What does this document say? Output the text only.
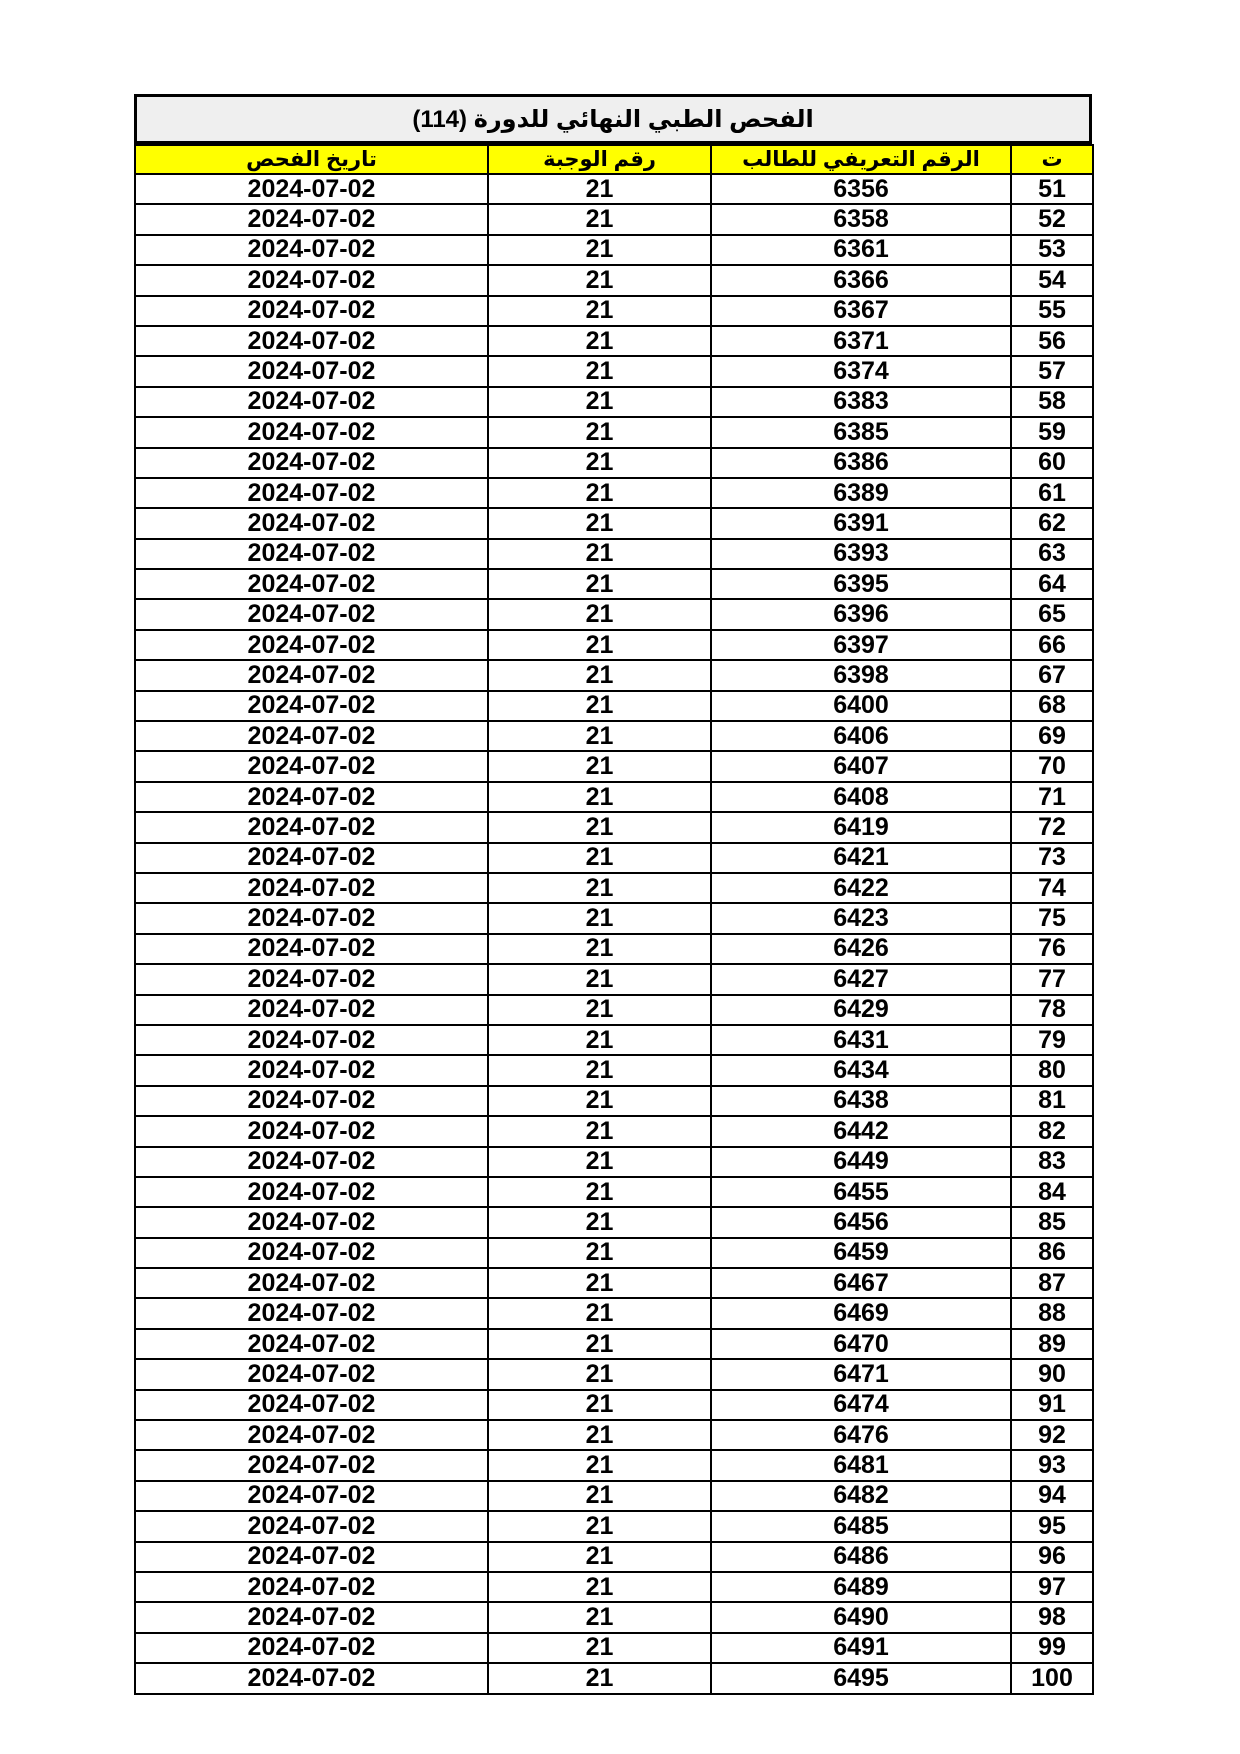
الفحص الطبي النهائي للدورة (114)
ت	الرقم التعريفي للطالب	رقم الوجبة	تاريخ الفحص
51	6356	21	2024-07-02
52	6358	21	2024-07-02
53	6361	21	2024-07-02
54	6366	21	2024-07-02
55	6367	21	2024-07-02
56	6371	21	2024-07-02
57	6374	21	2024-07-02
58	6383	21	2024-07-02
59	6385	21	2024-07-02
60	6386	21	2024-07-02
61	6389	21	2024-07-02
62	6391	21	2024-07-02
63	6393	21	2024-07-02
64	6395	21	2024-07-02
65	6396	21	2024-07-02
66	6397	21	2024-07-02
67	6398	21	2024-07-02
68	6400	21	2024-07-02
69	6406	21	2024-07-02
70	6407	21	2024-07-02
71	6408	21	2024-07-02
72	6419	21	2024-07-02
73	6421	21	2024-07-02
74	6422	21	2024-07-02
75	6423	21	2024-07-02
76	6426	21	2024-07-02
77	6427	21	2024-07-02
78	6429	21	2024-07-02
79	6431	21	2024-07-02
80	6434	21	2024-07-02
81	6438	21	2024-07-02
82	6442	21	2024-07-02
83	6449	21	2024-07-02
84	6455	21	2024-07-02
85	6456	21	2024-07-02
86	6459	21	2024-07-02
87	6467	21	2024-07-02
88	6469	21	2024-07-02
89	6470	21	2024-07-02
90	6471	21	2024-07-02
91	6474	21	2024-07-02
92	6476	21	2024-07-02
93	6481	21	2024-07-02
94	6482	21	2024-07-02
95	6485	21	2024-07-02
96	6486	21	2024-07-02
97	6489	21	2024-07-02
98	6490	21	2024-07-02
99	6491	21	2024-07-02
100	6495	21	2024-07-02
